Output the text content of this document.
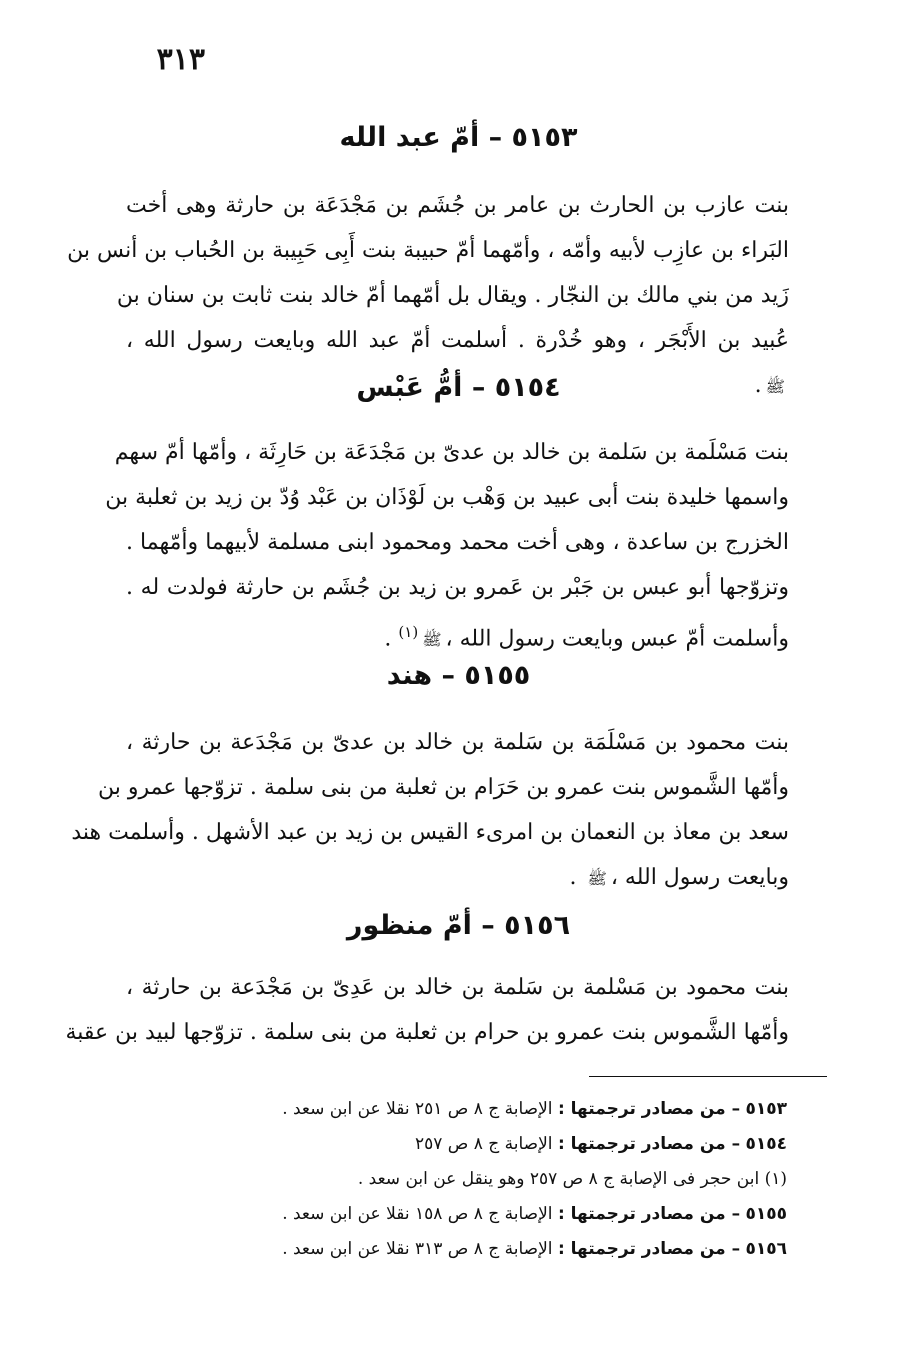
٣١٣
٥١٥٣ – أمّ عبد الله
بنت عازب بن الحارث بن عامر بن جُشَم بن مَجْدَعَة بن حارثة وهى أخت
البَراء بن عازِب لأبيه وأمّه ، وأمّهما أمّ حبيبة بنت أَبِى حَبِيبة بن الحُباب بن أنس بن
زَيد من بني مالك بن النجّار . ويقال بل أمّهما أمّ خالد بنت ثابت بن سنان بن
عُبيد بن الأَبْجَر ، وهو خُدْرة . أسلمت أمّ عبد الله وبايعت رسول الله ،
ﷺ.
٥١٥٤ – أمُّ عَبْس
بنت مَسْلَمة بن سَلمة بن خالد بن عدىّ بن مَجْدَعَة بن حَارِثَة ، وأمّها أمّ سهم
واسمها خليدة بنت أبى عبيد بن وَهْب بن لَوْذَان بن عَبْد وُدّ بن زيد بن ثعلبة بن
الخزرج بن ساعدة ، وهى أخت محمد ومحمود ابنى مسلمة لأبيهما وأمّهما .
وتزوّجها أبو عبس بن جَبْر بن عَمرو بن زيد بن جُشَم بن حارثة فولدت له .
وأسلمت أمّ عبس وبايعت رسول الله ،ﷺ$^{(١)}$ .
٥١٥٥ – هند
بنت محمود بن مَسْلَمَة بن سَلمة بن خالد بن عدىّ بن مَجْدَعة بن حارثة ،
وأمّها الشَّموس بنت عمرو بن حَرَام بن ثعلبة من بنى سلمة . تزوّجها عمرو بن
سعد بن معاذ بن النعمان بن امرىء القيس بن زيد بن عبد الأشهل . وأسلمت هند
وبايعت رسول الله ،ﷺ .
٥١٥٦ – أمّ منظور
بنت محمود بن مَسْلمة بن سَلمة بن خالد بن عَدِىّ بن مَجْدَعة بن حارثة ،
وأمّها الشَّموس بنت عمرو بن حرام بن ثعلبة من بنى سلمة . تزوّجها لبيد بن عقبة
٥١٥٣ – من مصادر ترجمتها : الإصابة ج ٨ ص ٢٥١ نقلا عن ابن سعد .
٥١٥٤ – من مصادر ترجمتها : الإصابة ج ٨ ص ٢٥٧
(١) ابن حجر فى الإصابة ج ٨ ص ٢٥٧ وهو ينقل عن ابن سعد .
٥١٥٥ – من مصادر ترجمتها : الإصابة ج ٨ ص ١٥٨ نقلا عن ابن سعد .
٥١٥٦ – من مصادر ترجمتها : الإصابة ج ٨ ص ٣١٣ نقلا عن ابن سعد .
